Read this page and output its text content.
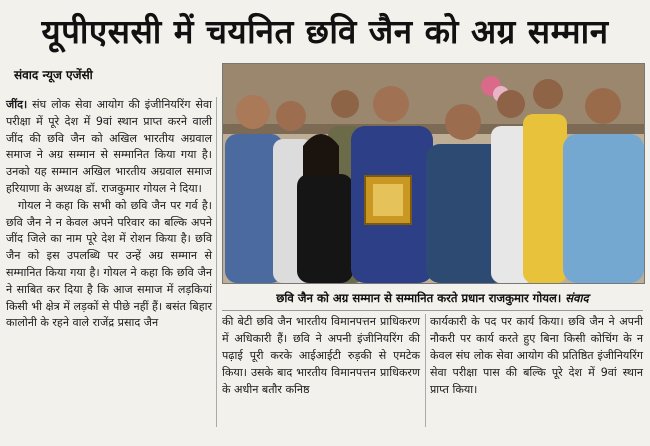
यूपीएससी में चयनित छवि जैन को अग्र सम्मान
संवाद न्यूज एजेंसी

जींद। संघ लोक सेवा आयोग की इंजीनियरिंग सेवा परीक्षा में पूरे देश में 9वां स्थान प्राप्त करने वाली जींद की छवि जैन को अखिल भारतीय अग्रवाल समाज ने अग्र सम्मान से सम्मानित किया गया है। उनको यह सम्मान अखिल भारतीय अग्रवाल समाज हरियाणा के अध्यक्ष डॉ. राजकुमार गोयल ने दिया।

गोयल ने कहा कि सभी को छवि जैन पर गर्व है। छवि जैन ने न केवल अपने परिवार का बल्कि अपने जींद जिले का नाम पूरे देश में रोशन किया है। छवि जैन को इस उपलब्धि पर उन्हें अग्र सम्मान से सम्मानित किया गया है। गोयल ने कहा कि छवि जैन ने साबित कर दिया है कि आज समाज में लड़कियां किसी भी क्षेत्र में लड़कों से पीछे नहीं हैं। बसंत बिहार कालोनी के रहने वाले राजेंद्र प्रसाद जैन

छवि जैन को अग्र सम्मान से सम्मानित करते प्रधान राजकुमार गोयल। संवाद

की बेटी छवि जैन भारतीय विमानपत्तन प्राधिकरण में अधिकारी हैं। छवि ने अपनी इंजीनियरिंग की पढ़ाई पूरी करके आईआईटी रुड़की से एमटेक किया। उसके बाद भारतीय विमानपत्तन प्राधिकरण के अधीन बतौर कनिष्ठ

कार्यकारी के पद पर कार्य किया। छवि जैन ने अपनी नौकरी पर कार्य करते हुए बिना किसी कोचिंग के न केवल संघ लोक सेवा आयोग की प्रतिष्ठित इंजीनियरिंग सेवा परीक्षा पास की बल्कि पूरे देश में 9वां स्थान प्राप्त किया।
